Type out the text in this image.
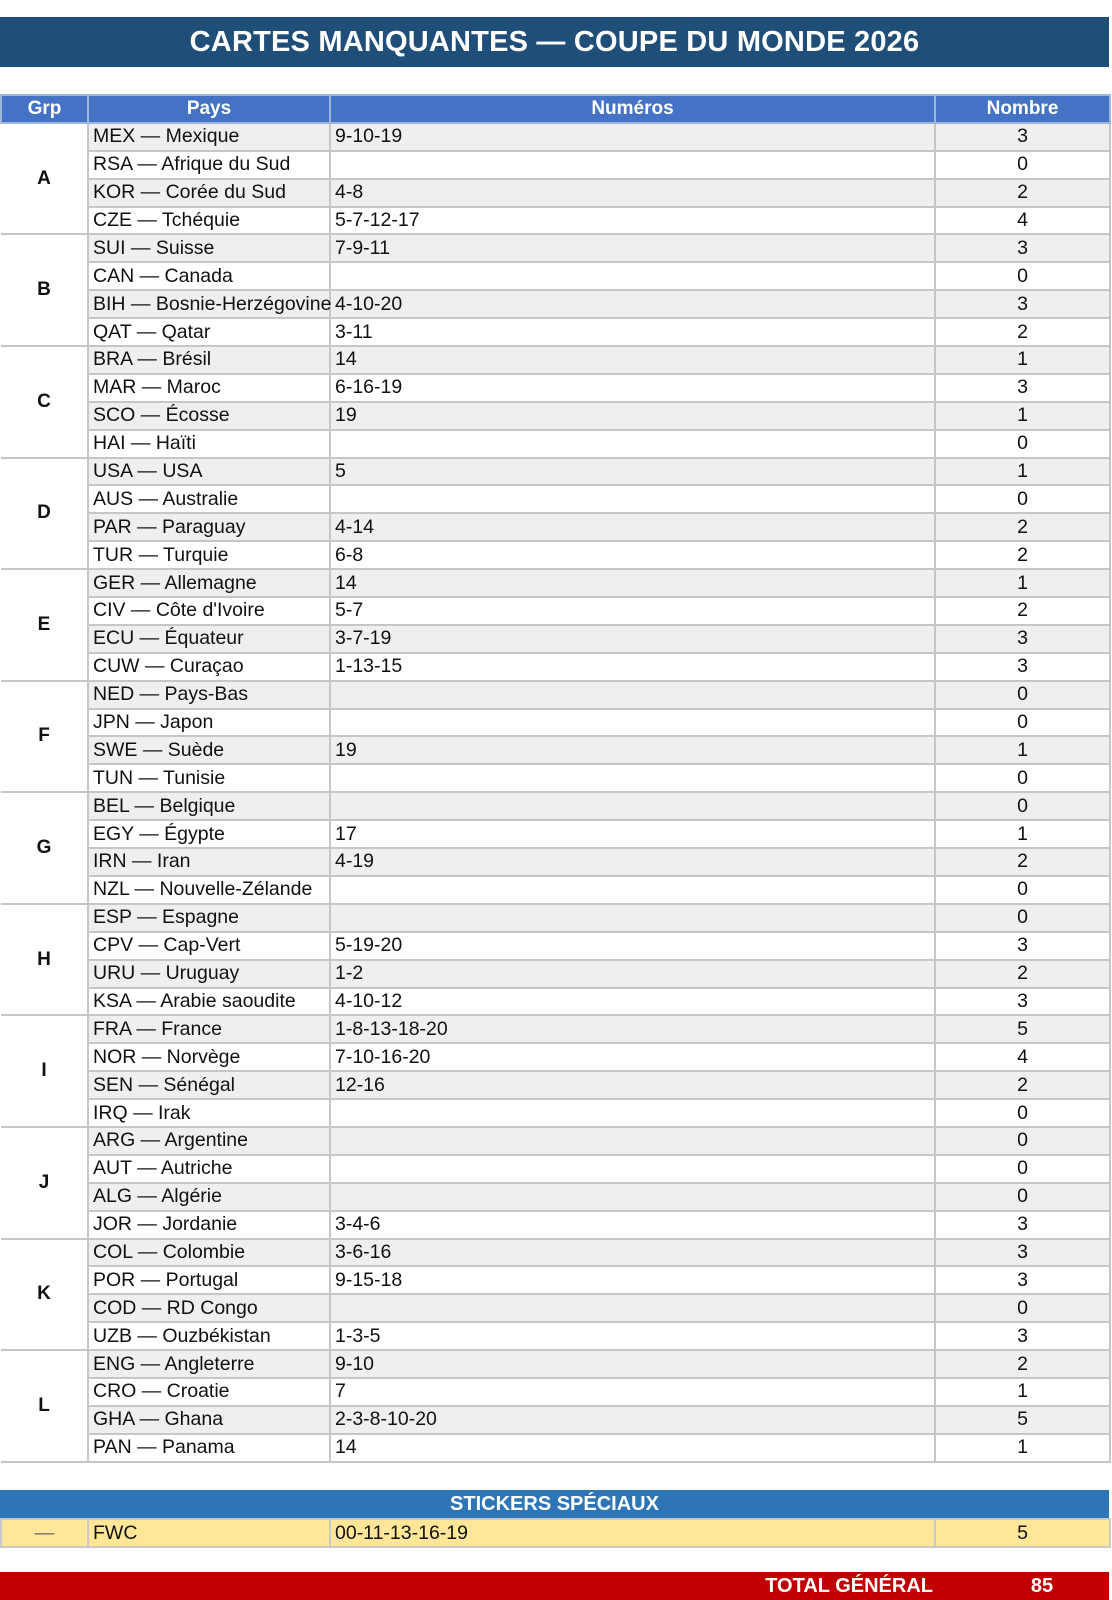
CARTES MANQUANTES — COUPE DU MONDE 2026
Grp	Pays	Numéros	Nombre
A	MEX — Mexique	9-10-19	3
	RSA — Afrique du Sud		0
	KOR — Corée du Sud	4-8	2
	CZE — Tchéquie	5-7-12-17	4
B	SUI — Suisse	7-9-11	3
	CAN — Canada		0
	BIH — Bosnie-Herzégovine	4-10-20	3
	QAT — Qatar	3-11	2
C	BRA — Brésil	14	1
	MAR — Maroc	6-16-19	3
	SCO — Écosse	19	1
	HAI — Haïti		0
D	USA — USA	5	1
	AUS — Australie		0
	PAR — Paraguay	4-14	2
	TUR — Turquie	6-8	2
E	GER — Allemagne	14	1
	CIV — Côte d'Ivoire	5-7	2
	ECU — Équateur	3-7-19	3
	CUW — Curaçao	1-13-15	3
F	NED — Pays-Bas		0
	JPN — Japon		0
	SWE — Suède	19	1
	TUN — Tunisie		0
G	BEL — Belgique		0
	EGY — Égypte	17	1
	IRN — Iran	4-19	2
	NZL — Nouvelle-Zélande		0
H	ESP — Espagne		0
	CPV — Cap-Vert	5-19-20	3
	URU — Uruguay	1-2	2
	KSA — Arabie saoudite	4-10-12	3
I	FRA — France	1-8-13-18-20	5
	NOR — Norvège	7-10-16-20	4
	SEN — Sénégal	12-16	2
	IRQ — Irak		0
J	ARG — Argentine		0
	AUT — Autriche		0
	ALG — Algérie		0
	JOR — Jordanie	3-4-6	3
K	COL — Colombie	3-6-16	3
	POR — Portugal	9-15-18	3
	COD — RD Congo		0
	UZB — Ouzbékistan	1-3-5	3
L	ENG — Angleterre	9-10	2
	CRO — Croatie	7	1
	GHA — Ghana	2-3-8-10-20	5
	PAN — Panama	14	1
STICKERS SPÉCIAUX
—	FWC	00-11-13-16-19	5
TOTAL GÉNÉRAL	85
